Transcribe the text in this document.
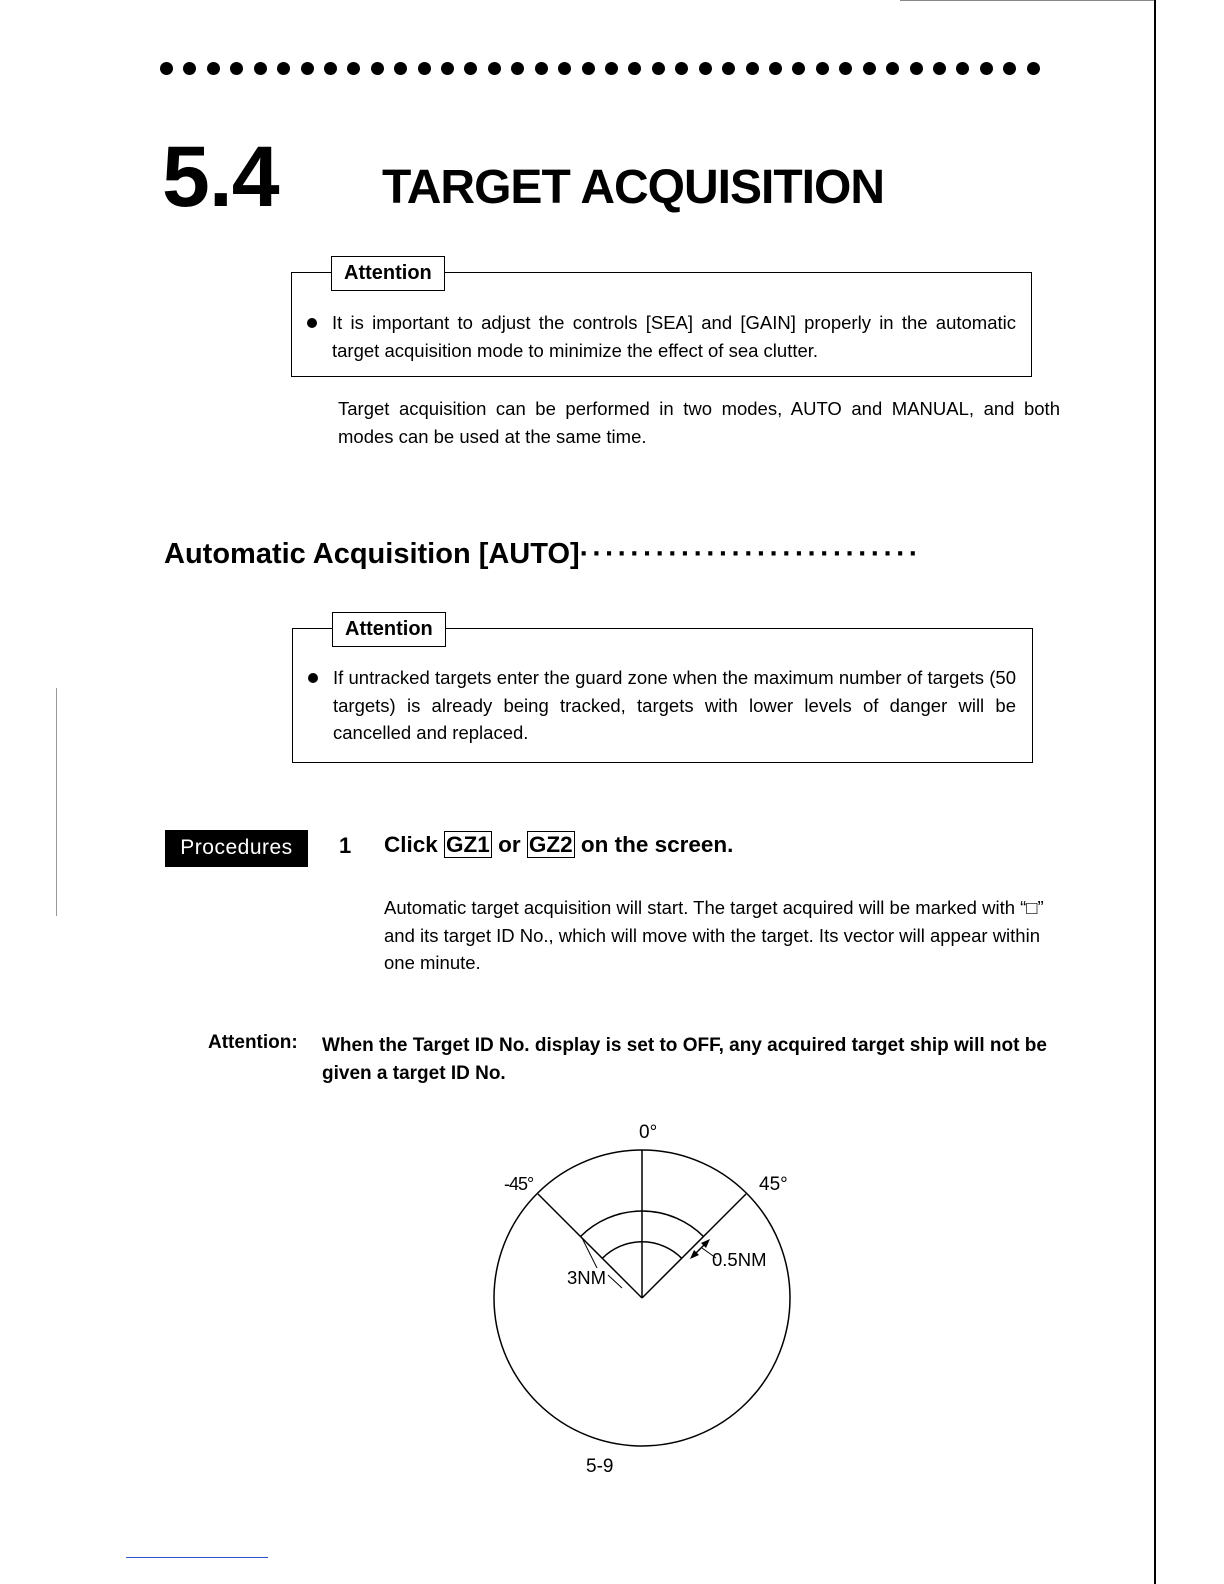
5.4 TARGET ACQUISITION
Attention
It is important to adjust the controls [SEA] and [GAIN] properly in the automatic target acquisition mode to minimize the effect of sea clutter.
Target acquisition can be performed in two modes, AUTO and MANUAL, and both modes can be used at the same time.
Automatic Acquisition [AUTO]···························
Attention
If untracked targets enter the guard zone when the maximum number of targets (50 targets) is already being tracked, targets with lower levels of danger will be cancelled and replaced.
Procedures	1 Click GZ1 or GZ2 on the screen.
Automatic target acquisition will start. The target acquired will be marked with “□” and its target ID No., which will move with the target. Its vector will appear within one minute.
Attention: When the Target ID No. display is set to OFF, any acquired target ship will not be given a target ID No.
0°
-45°	45°
3NM
0.5NM
5-9
